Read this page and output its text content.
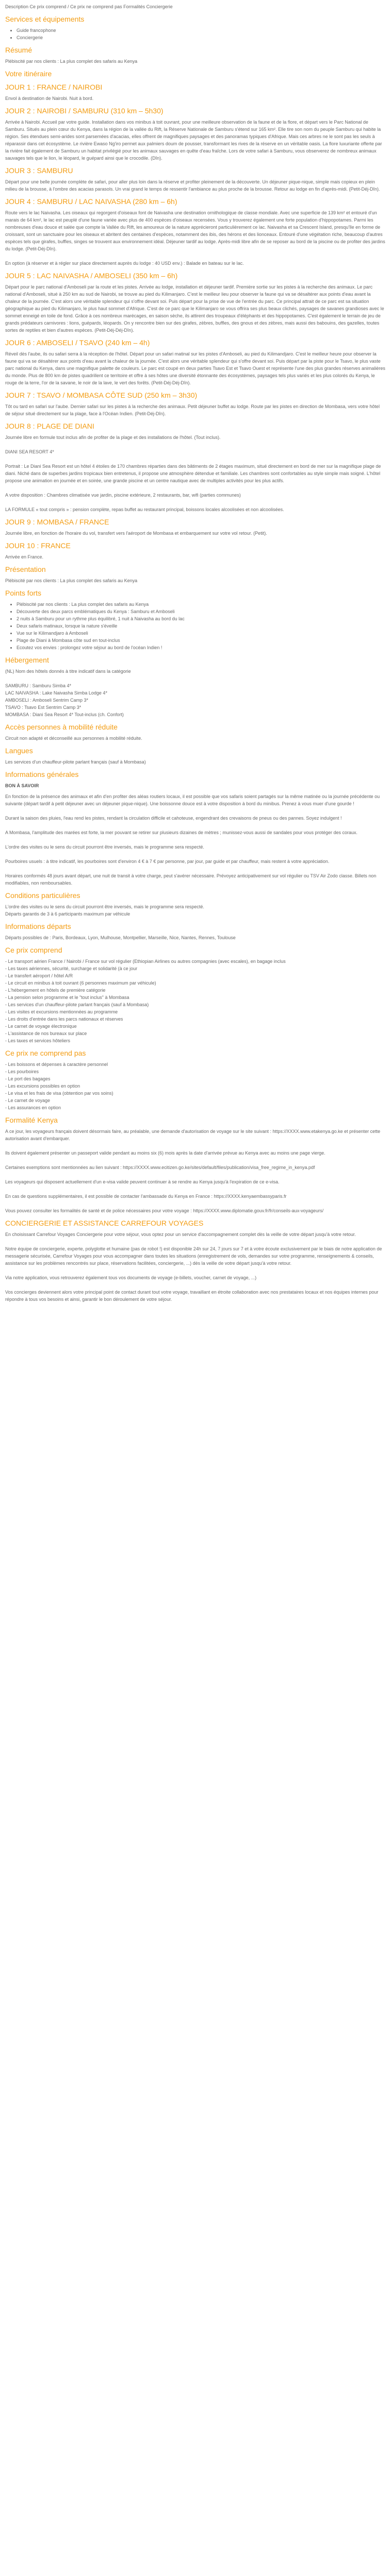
Description Ce prix comprend / Ce prix ne comprend pas Formalités Concierge​rie

Services et équipements
• Guide francophone
• Concierge​rie
Résumé

Plébiscité par nos clients : La plus complet des safaris au Kenya

Votre itinéraire
JOUR 1 : FRANCE / NAIROBI

Envol à destination de Nairobi. Nuit à bord.

JOUR 2 : NAIROBI / SAMBURU (310 km – 5h30)

Arrivée à Nairobi. Accueil par votre guide. Installation dans vos minibus à toit ouvrant, pour une meilleure observation de la faune et de la flore, et départ vers le Parc National de Samburu. Situés au plein cœur du Kenya, dans la région de la vallée du Rift, la Réserve Nationale de Samburu s'étend sur 165 km². Elle tire son nom du peuple Samburu qui habite la région. Ses étendues semi-arides sont parsemées d'acacias, elles offrent de magnifiques paysages et des panoramas typiques d'Afrique. Mais ces arbres ne le sont pas les seuls à réparassir dans cet écosystème. Le rivière Ewaso Ng'iro permet aux palmiers doum de pousser, transformant les rives de la réserve en un véritable oasis. La flore luxuriante offerte par la rivière fait également de Samburu un habitat privilégié pour les animaux sauvages en quête d'eau fraîche. Lors de votre safari à Samburu, vous observerez de nombreux animaux sauvages tels que le lion, le léopard, le guépard ainsi que le crocodile. (Dîn).

JOUR 3 : SAMBURU

Départ pour une belle journée complète de safari, pour aller plus loin dans la réserve et profiter pleinement de la découverte. Un déjeuner pique-nique, simple mais copieux en plein milieu de la brousse, à l'ombre des acacias parasols. Un vrai grand le temps de ressentir l'ambiance au plus proche de la brousse. Retour au lodge en fin d'après-midi. (Petit-Déj-Dîn).

JOUR 4 : SAMBURU / LAC NAIVASHA (280 km – 6h)

Route vers le lac Naivasha. Les oiseaux qui regorgent d'oiseaux font de Naivasha une destination ornithologique de classe mondiale. Avec une superficie de 139 km² et entouré d'un marais de 64 km², le lac est peuplé d'une faune variée avec plus de 400 espèces d'oiseaux recensées. Vous y trouverez également une forte population d'hippopotames. Parmi les nombreuses d'eau douce et salée que compte la Vallée du Rift, les amoureux de la nature apprécieront particulièrement ce lac. Naivasha et sa Crescent Island, presqu'île en forme de croissant, sont un sanctuaire pour les oiseaux et abritent des centaines d'espèces, notamment des ibis, des hérons et des lionceaux. Entouré d'une végétation riche, beaucoup d'autres espèces tels que girafes, buffles, singes se trouvent aux environnement idéal. Déjeuner tardif au lodge. Après-midi libre afin de se reposer au bord de la piscine ou de profiter des jardins du lodge. (Petit-Déj-Dîn).

En option (à réserver et à régler sur place directement auprès du lodge : 40 USD env.) : Balade en bateau sur le lac.

JOUR 5 : LAC NAIVASHA / AMBOSELI (350 km – 6h)

Départ pour le parc national d'Amboseli par la route et les pistes. Arrivée au lodge, installation et déjeuner tardif. Première sortie sur les pistes à la recherche des animaux. Le parc national d'Amboseli, situé à 250 km au sud de Nairobi, se trouve au pied du Kilimanjaro. C'est le meilleur lieu pour observer la faune qui va se désaltérer aux points d'eau avant la chaleur de la journée. C'est alors une véritable splendeur qui s'offre devant soi. Puis départ pour la prise de vue de l'entrée du parc. Ce principal attrait de ce parc est sa situation géographique au pied du Kilimanjaro, le plus haut sommet d'Afrique. C'est de ce parc que le Kilimanjaro se vous offrira ses plus beaux clichés, paysages de savanes grandioses avec le sommet enneigé en toile de fond. Grâce à ces nombreux marécages, en saison sèche, ils attirent des troupeaux d'éléphants et des hippopotames. C'est également le terrain de jeu de grands prédateurs carnivores : lions, guépards, léopards. On y rencontre bien sur des girafes, zèbres, buffles, des gnous et des zèbres, mais aussi des babouins, des gazelles, toutes sortes de reptiles et bien d'autres espèces. (Petit-Déj-Déj-Dîn).

JOUR 6 : AMBOSELI / TSAVO (240 km – 4h)

Réveil dès l'aube, ils ou safari serra à la réception de l'hôtel. Départ pour un safari matinal sur les pistes d'Amboseli, au pied du Kilimandjaro. C'est le meilleur heure pour observer la faune qui va se désaltérer aux points d'eau avant la chaleur de la journée. C'est alors une véritable splendeur qui s'offre devant soi. Puis départ par la piste pour le Tsavo, le plus vaste parc national du Kenya, dans une magnifique palette de couleurs. Le parc est coupé en deux parties Tsavo Est et Tsavo Ouest et représente l'une des plus grandes réserves animalières du monde. Plus de 800 km de pistes quadrillent ce territoire et offre à ses hôtes une diversité étonnante des écosystèmes, paysages tels plus variés et les plus colorés du Kenya, le rouge de la terre, l'or de la savane, le noir de la lave, le vert des forêts. (Petit-Déj-Déj-Dîn).

JOUR 7 : TSAVO / MOMBASA CÔTE SUD (250 km – 3h30)

Tôt ou tard en safari sur l'aube. Dernier safari sur les pistes à la recherche des animaux. Petit déjeuner buffet au lodge. Route par les pistes en direction de Mombasa, vers votre hôtel de séjour situé directement sur la plage, face à l'Océan Indien. (Petit-Déj-Dîn).

JOUR 8 : PLAGE DE DIANI

Journée libre en formule tout inclus afin de profiter de la plage et des installations de l'hôtel. (Tout inclus).

DIANI SEA RESORT 4*

Portrait : Le Diani Sea Resort est un hôtel 4 étoiles de 170 chambres réparties dans des bâtiments de 2 étages maximum, situé directement en bord de mer sur la magnifique plage de diani. Niché dans de superbes jardins tropicaux bien entretenus, il propose une atmosphère détendue et familiale. Les chambres sont confortables au style simple mais soigné. L'hôtel propose une animation en journée et en soirée, une grande piscine et un centre nautique avec de multiples activités pour les plus actifs.

A votre disposition : Chambres climatisée vue jardin, piscine extérieure, 2 restaurants, bar, wifi (parties communes)

LA FORMULE « tout compris » : pension complète, repas buffet au restaurant principal, boissons locales alcoolisées et non alcoolisées.

JOUR 9 : MOMBASA / FRANCE

Journée libre, en fonction de l'horaire du vol, transfert vers l'aéroport de Mombasa et embarquement sur votre vol retour. (Petit).

JOUR 10 : FRANCE

Arrivée en France.

Présentation

Plébiscité par nos clients : La plus complet des safaris au Kenya

Points forts
• Plébiscité par nos clients : La plus complet des safaris au Kenya
• Découverte des deux parcs emblématiques du Kenya : Samburu et Amboseli
• 2 nuits à Samburu pour un rythme plus équilibré, 1 nuit à Naivasha au bord du lac
• Deux safaris matinaux, lorsque la nature s'éveille
• Vue sur le Kilimandjaro à Amboseli
• Plage de Diani à Mombasa côte sud en tout-inclus
• Ecoutez vos envies : prolongez votre séjour au bord de l'océan Indien !
Hébergement

(NL) Nom des hôtels donnés à titre indicatif dans la catégorie

SAMBURU : Samburu Simba 4*
LAC NAIVASHA : Lake Naivasha Simba Lodge 4*
AMBOSELI : Amboseli Sentrim Camp 3*
TSAVO : Tsavo Est Sentrim Camp 3*
MOMBASA : Diani Sea Resort 4* Tout-inclus (ch. Confort)

Accès personnes à mobilité réduite

Circuit non adapté et déconseillé aux personnes à mobilité réduite.

Langues

Les services d'un chauffeur-pilote parlant français (sauf à Mombasa)

Informations générales

BON À SAVOIR

En fonction de la présence des animaux et afin d'en profiter des aléas routiers locaux, il est possible que vos safaris soient partagés sur la même matinée ou la journée précédente ou suivante (départ tardif à petit déjeuner avec un déjeuner pique-nique). Une boissonne douce est à votre disposition à bord du minibus. Prenez à vous muer d'une gourde !

Durant la saison des pluies, l'eau rend les pistes, rendant la circulation difficile et cahoteuse, engendrant des crevaisons de pneus ou des pannes. Soyez indulgent !

A Mombasa, l'amplitude des marées est forte, la mer pouvant se retirer sur plusieurs dizaines de mètres ; munissez-vous aussi de sandales pour vous protéger des coraux.

L'ordre des visites ou le sens du circuit pourront être inversés, mais le programme sera respecté.

Pourboires usuels : à titre indicatif, les pourboires sont d'environ 4 € à 7 € par personne, par jour, par guide et par chauffeur, mais restent à votre appréciation.

Horaires conformés 48 jours avant départ, une nuit de transit à votre charge, peut s'avérer nécessaire. Prévoyez anticipativement sur vol régulier ou TSV Air Zodo classe. Billets non modifiables, non remboursables.

Conditions particulières

L'ordre des visites ou le sens du circuit pourront être inversés, mais le programme sera respecté.
Départs garantis de 3 à 6 participants maximum par véhicule

Informations départs

Départs possibles de : Paris, Bordeaux, Lyon, Mulhouse, Montpellier, Marseille, Nice, Nantes, Rennes, Toulouse

Ce prix comprend
- Le transport aérien France / Nairobi / France sur vol régulier (Ethiopian Airlines ou autres compagnies (avec escales), en bagage inclus
- Les taxes aériennes, sécurité, surcharge et solidarité (à ce jour
- Le transfert aéroport / hôtel A/R
- Le circuit en minibus à toit ouvrant (6 personnes maximum par véhicule)
- L'hébergement en hôtels de première catégorie
- La pension selon programme et le "tout inclus" à Mombasa
- Les services d'un chauffeur-pilote parlant français (sauf à Mombasa)
- Les visites et excursions mentionnées au programme
- Les droits d'entrée dans les parcs nationaux et réserves
- Le carnet de voyage électronique
- L'assistance de nos bureaux sur place
- Les taxes et services hôteliers
Ce prix ne comprend pas
- Les boissons et dépenses à caractère personnel
- Les pourboires
- Le port des bagages
- Les excursions possibles en option
- Le visa et les frais de visa (obtention par vos soins)
- Le carnet de voyage
- Les assurances en option
Formalité Kenya

A ce jour, les voyageurs français doivent désormais faire, au préalable, une demande d'autorisation de voyage sur le site suivant : https://XXXX.www.etakenya.go.ke et présenter cette autorisation avant d'embarquer.

Ils doivent également présenter un passeport valide pendant au moins six (6) mois après la date d'arrivée prévue au Kenya avec au moins une page vierge.

Certaines exemptions sont mentionnées au lien suivant : https://XXXX.www.ecitizen.go.ke/sites/default/files/publication/visa_free_regime_in_kenya.pdf

Les voyageurs qui disposent actuellement d'un e-visa valide peuvent continuer à se rendre au Kenya jusqu'à l'expiration de ce e-visa.

En cas de questions supplémentaires, il est possible de contacter l'ambassade du Kenya en France : https://XXXX.kenyaembassyparis.fr

Vous pouvez consulter les formalités de santé et de police nécessaires pour votre voyage : https://XXXX.www.diplomatie.gouv.fr/fr/conseils-aux-voyageurs/

CONCIERGERIE ET ASSISTANCE CARREFOUR VOYAGES

En choisissant Carrefour Voyages Conciergerie pour votre séjour, vous optez pour un service d'accompagnement complet dès la veille de votre départ jusqu'à votre retour.

Notre équipe de conciergerie, experte, polyglotte et humaine (pas de robot !) est disponible 24h sur 24, 7 jours sur 7 et à votre écoute exclusivement par le biais de notre application de messagerie sécurisée, Carrefour Voyages pour vous accompagner dans toutes les situations (enregistrement de vols, demandes sur votre programme, renseignements & conseils, assistance sur les problèmes rencontrés sur place, réservations facilitées, conciergerie, ...) dès la veille de votre départ jusqu'à votre retour.

Via notre application, vous retrouverez également tous vos documents de voyage (e-billets, voucher, carnet de voyage, ...)

Vos concierges deviennent alors votre principal point de contact durant tout votre voyage, travaillant en étroite collaboration avec nos prestataires locaux et nos équipes internes pour répondre à tous vos besoins et ainsi, garantir le bon déroulement de votre séjour.
